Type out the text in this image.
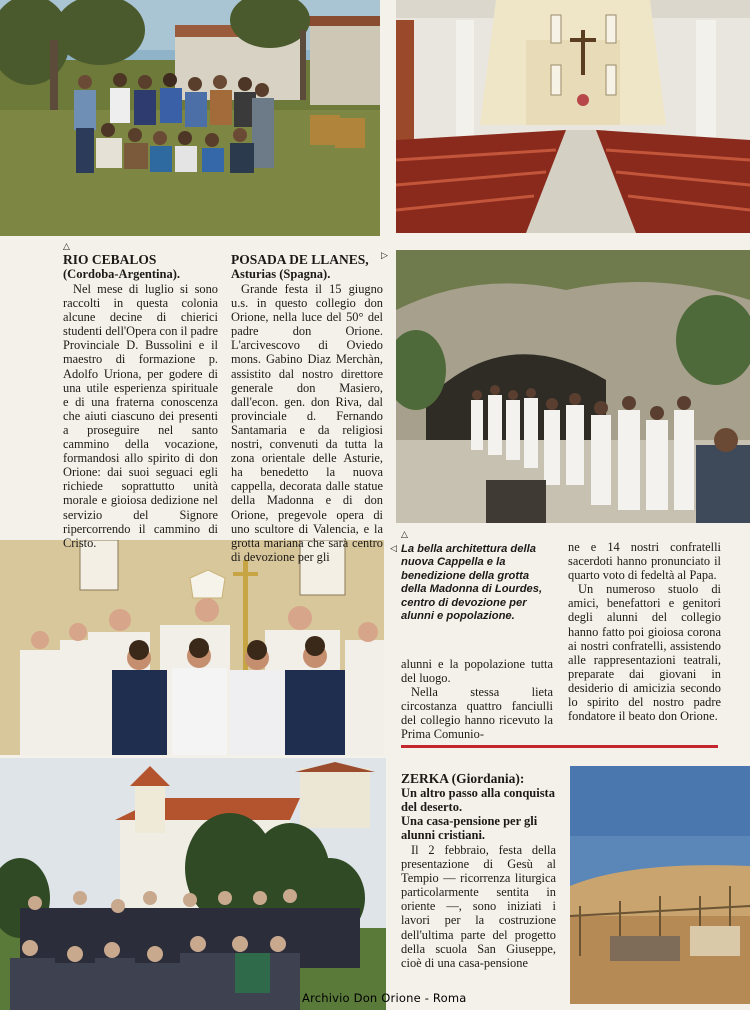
△
▷
△
◁

RIO CEBALOS

(Cordoba-Argentina).

Nel mese di luglio si sono raccolti in questa colonia alcune decine di chierici studenti dell'Opera con il padre Provinciale D. Bussolini e il maestro di formazione p. Adolfo Uriona, per godere di una utile esperienza spirituale e di una fraterna conoscenza che aiuti ciascuno dei presenti a proseguire nel santo cammino della vocazione, formandosi allo spirito di don Orione: dai suoi seguaci egli richiede soprattutto unità morale e gioiosa dedizione nel servizio del Signore ripercorrendo il cammino di Cristo.

POSADA DE LLANES,

Asturias (Spagna).

Grande festa il 15 giugno u.s. in questo collegio don Orione, nella luce del 50° del padre don Orione. L'arcivescovo di Oviedo mons. Gabino Diaz Merchàn, assistito dal nostro direttore generale don Masiero, dall'econ. gen. don Riva, dal provinciale d. Fernando Santamaria e da religiosi nostri, convenuti da tutta la zona orientale delle Asturie, ha benedetto la nuova cappella, decorata dalle statue della Madonna e di don Orione, pregevole opera di uno scultore di Valencia, e la grotta mariana che sarà centro di devozione per gli

La bella architettura della nuova Cappella e la benedizione della grotta della Madonna di Lourdes, centro di devozione per alunni e popolazione.

alunni e la popolazione tutta del luogo.

Nella stessa lieta circostanza quattro fanciulli del collegio hanno ricevuto la Prima Comunio-

ne e 14 nostri confratelli sacerdoti hanno pronunciato il quarto voto di fedeltà al Papa.

Un numeroso stuolo di amici, benefattori e genitori degli alunni del collegio hanno fatto poi gioiosa corona ai nostri confratelli, assistendo alle rappresentazioni teatrali, preparate dai giovani in desiderio di amicizia secondo lo spirito del nostro padre fondatore il beato don Orione.

ZERKA (Giordania):

Un altro passo alla conquista del deserto.

Una casa-pensione per gli alunni cristiani.

Il 2 febbraio, festa della presentazione di Gesù al Tempio — ricorrenza liturgica particolarmente sentita in oriente —, sono iniziati i lavori per la costruzione dell'ultima parte del progetto della scuola San Giuseppe, cioè di una casa-pensione

Archivio Don Orione - Roma
